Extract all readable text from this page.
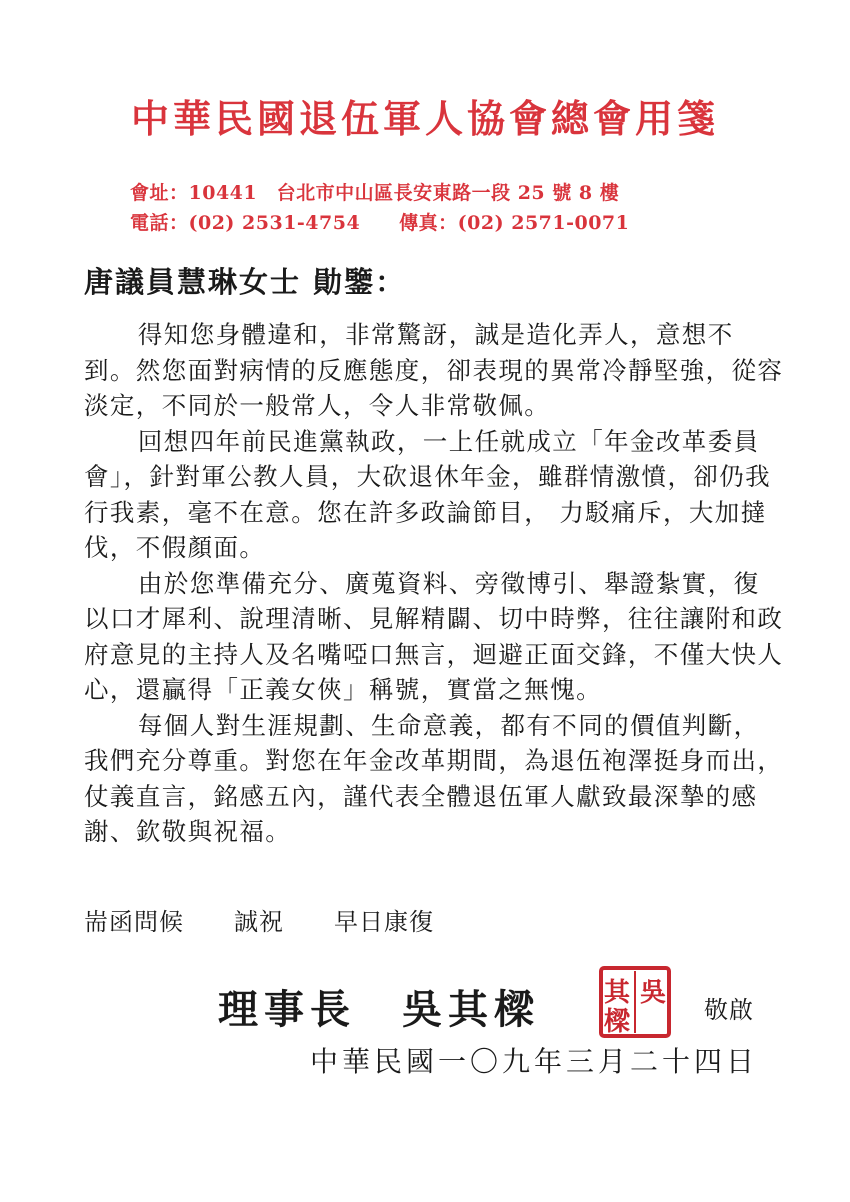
中華民國退伍軍人協會總會用箋
會址：10441　台北市中山區長安東路一段 25 號 8 樓
電話：(02) 2531-4754　　傳真：(02) 2571-0071
唐議員慧琳女士 勛鑒：

得知您身體違和，非常驚訝，誠是造化弄人，意想不到。然您面對病情的反應態度，卻表現的異常冷靜堅強，從容淡定，不同於一般常人，令人非常敬佩。

回想四年前民進黨執政，一上任就成立「年金改革委員會」，針對軍公教人員，大砍退休年金，雖群情激憤，卻仍我行我素，毫不在意。您在許多政論節目， 力駁痛斥，大加撻伐，不假顏面。

由於您準備充分、廣蒐資料、旁徵博引、舉證紮實，復以口才犀利、說理清晰、見解精闢、切中時弊，往往讓附和政府意見的主持人及名嘴啞口無言，迴避正面交鋒，不僅大快人心，還贏得「正義女俠」稱號，實當之無愧。

每個人對生涯規劃、生命意義，都有不同的價值判斷，我們充分尊重。對您在年金改革期間，為退伍袍澤挺身而出，仗義直言，銘感五內，謹代表全體退伍軍人獻致最深摯的感謝、欽敬與祝福。

耑函問候　　誠祝　　早日康復
理事長　 吳其樑	吳
其
樑	敬啟
中華民國一〇九年三月二十四日
